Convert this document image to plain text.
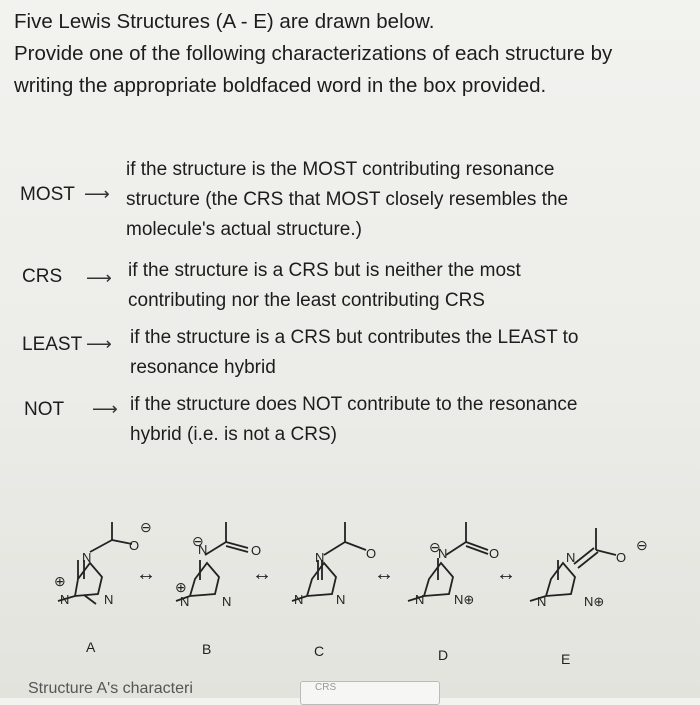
Five Lewis Structures (A - E) are drawn below.
Provide one of the following characterizations of each structure by
writing the appropriate boldfaced word in the box provided.
MOST ⟶
if the structure is the MOST contributing resonance
structure (the CRS that MOST closely resembles the
molecule's actual structure.)
CRS ⟶ if the structure is a CRS but is neither the most
contributing nor the least contributing CRS
LEAST ⟶ if the structure is a CRS but contributes the LEAST to
resonance hybrid
NOT ⟶ if the structure does NOT contribute to the resonance
hybrid (i.e. is not a CRS)
N
N	N
O	N
N	N
O	N
N	N
O	N
N N⊕
O	N
N	N⊕
O
⊖
⊕
⊖
⊕
⊖	⊖
↔	↔	↔	↔
A	B	C	D	E
Structure A's characteri	CRS
